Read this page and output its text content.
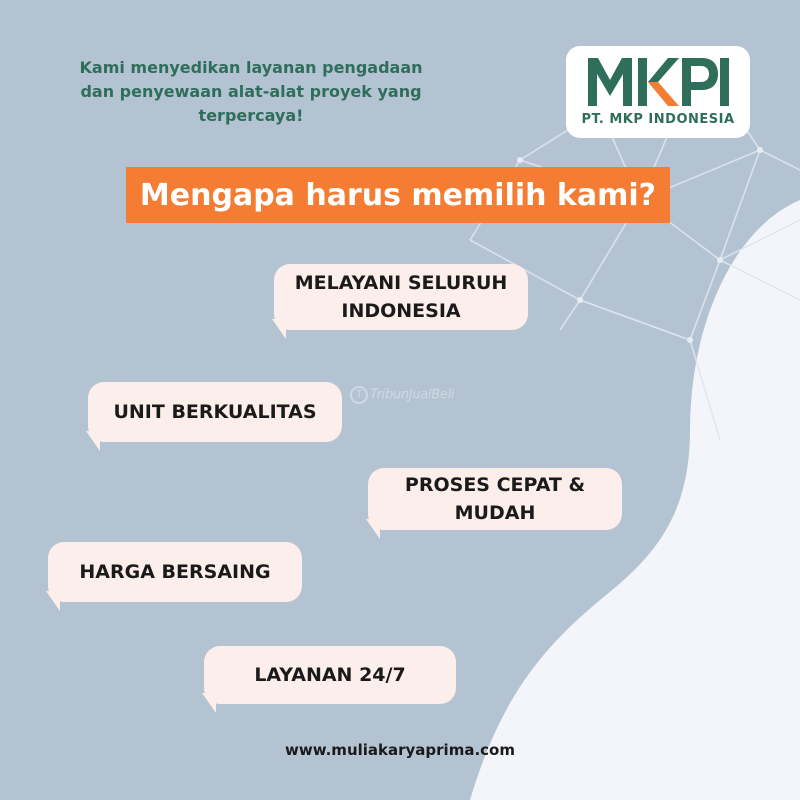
Kami menyedikan layanan pengadaan
dan penyewaan alat-alat proyek yang
terpercaya!	PT. MKP INDONESIA
Mengapa harus memilih kami?
T TribunJualBeli
MELAYANI SELURUH
INDONESIA
UNIT BERKUALITAS
PROSES CEPAT &
MUDAH
HARGA BERSAING
LAYANAN 24/7
www.muliakaryaprima.com
